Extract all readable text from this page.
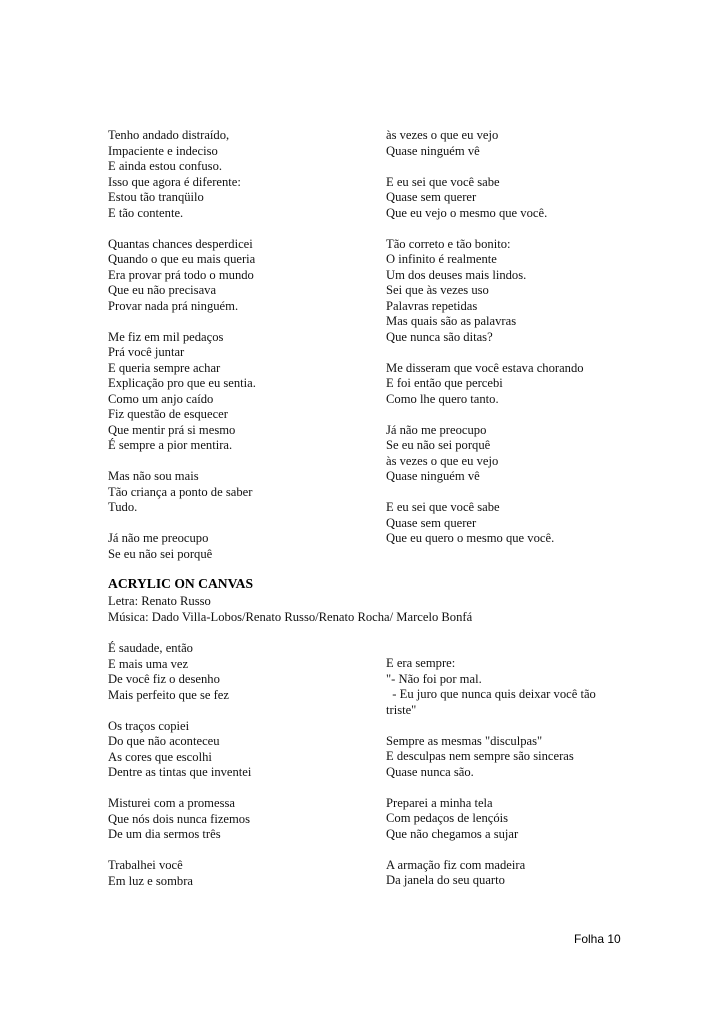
Tenho andado distraído,
Impaciente e indeciso
E ainda estou confuso.
Isso que agora é diferente:
Estou tão tranqüilo
E tão contente.
Quantas chances desperdicei
Quando o que eu mais queria
Era provar prá todo o mundo
Que eu não precisava
Provar nada prá ninguém.
Me fiz em mil pedaços
Prá você juntar
E queria sempre achar
Explicação pro que eu sentia.
Como um anjo caído
Fiz questão de esquecer
Que mentir prá si mesmo
É sempre a pior mentira.
Mas não sou mais
Tão criança a ponto de saber
Tudo.
Já não me preocupo
Se eu não sei porquê
às vezes o que eu vejo
Quase ninguém vê
E eu sei que você sabe
Quase sem querer
Que eu vejo o mesmo que você.
Tão correto e tão bonito:
O infinito é realmente
Um dos deuses mais lindos.
Sei que às vezes uso
Palavras repetidas
Mas quais são as palavras
Que nunca são ditas?
Me disseram que você estava chorando
E foi então que percebi
Como lhe quero tanto.
Já não me preocupo
Se eu não sei porquê
às vezes o que eu vejo
Quase ninguém vê
E eu sei que você sabe
Quase sem querer
Que eu quero o mesmo que você.
ACRYLIC ON CANVAS
Letra: Renato Russo
Música: Dado Villa-Lobos/Renato Russo/Renato Rocha/ Marcelo Bonfá
É saudade, então
E mais uma vez
De você fiz o desenho
Mais perfeito que se fez
Os traços copiei
Do que não aconteceu
As cores que escolhi
Dentre as tintas que inventei
Misturei com a promessa
Que nós dois nunca fizemos
De um dia sermos três
Trabalhei você
Em luz e sombra
E era sempre:
"- Não foi por mal.
- Eu juro que nunca quis deixar você tão triste"
Sempre as mesmas "disculpas"
E desculpas nem sempre são sinceras
Quase nunca são.
Preparei a minha tela
Com pedaços de lençóis
Que não chegamos a sujar
A armação fiz com madeira
Da janela do seu quarto
Folha 10
